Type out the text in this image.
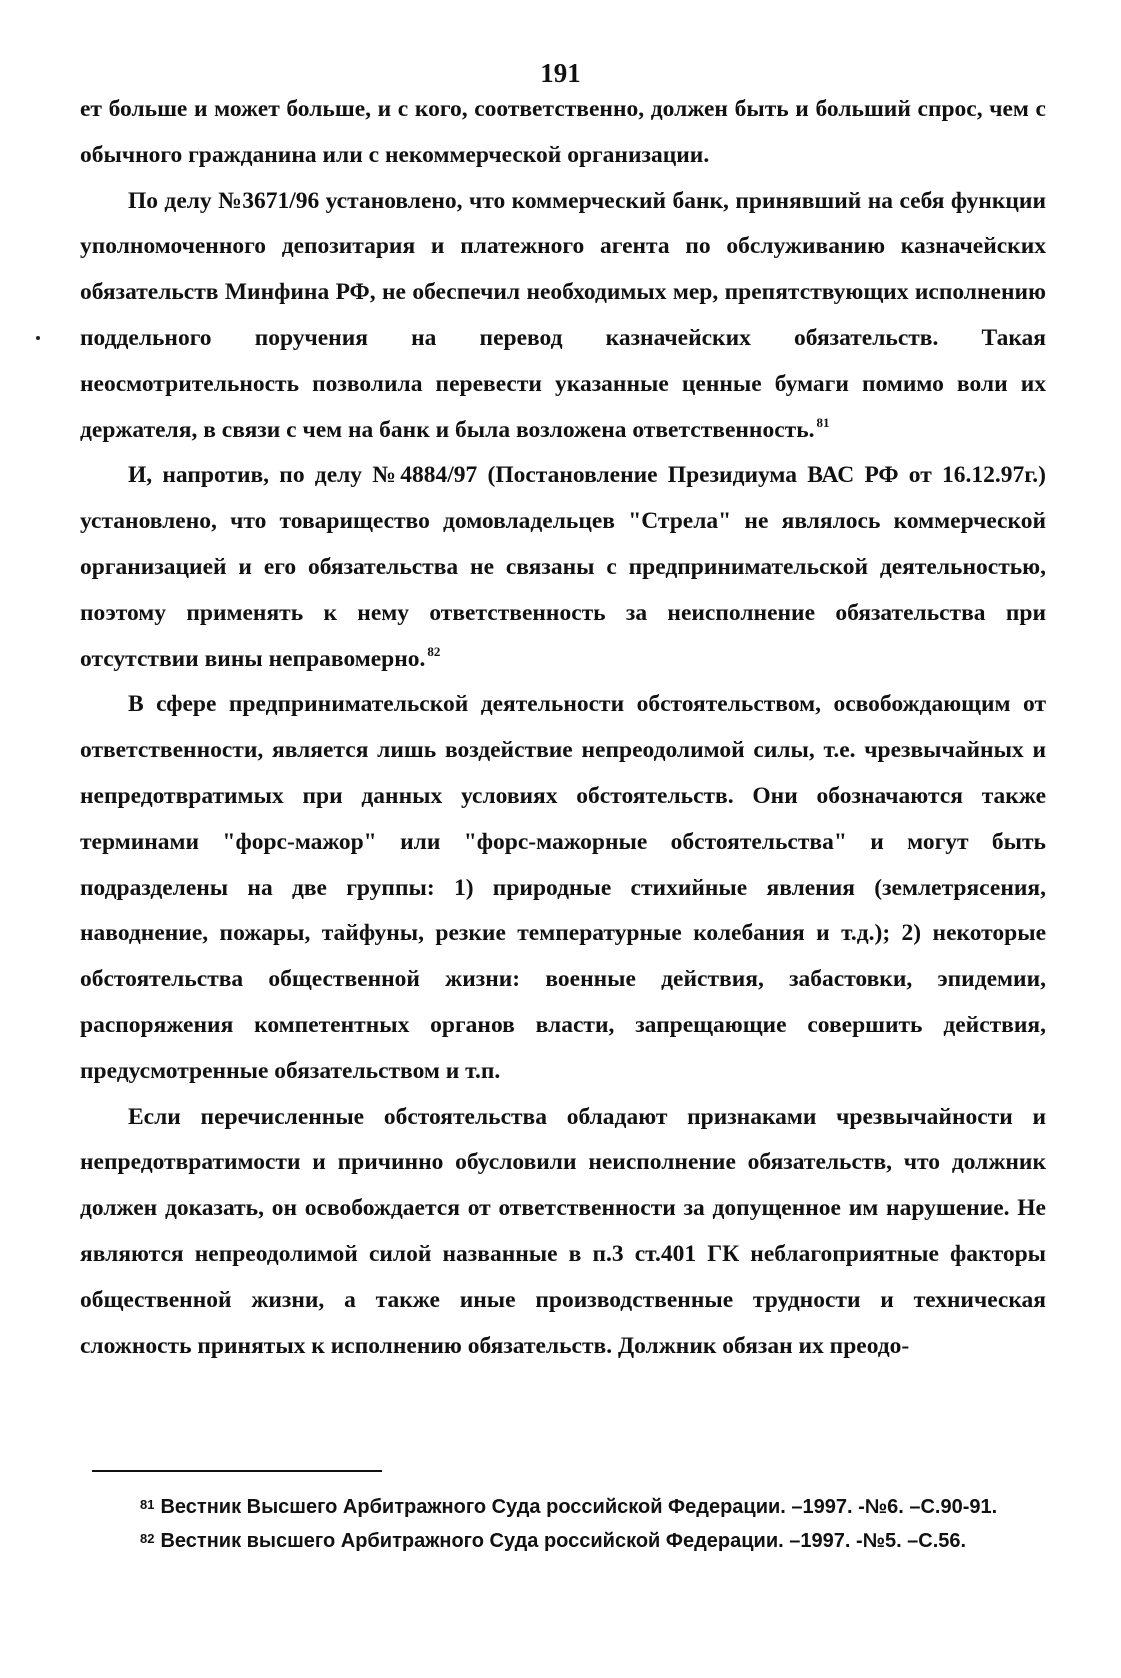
191

ет больше и может больше, и с кого, соответственно, должен быть и больший спрос, чем с обычного гражданина или с некоммерческой организации.

По делу №3671/96 установлено, что коммерческий банк, принявший на себя функции уполномоченного депозитария и платежного агента по обслуживанию казначейских обязательств Минфина РФ, не обеспечил необходимых мер, препятствующих исполнению поддельного поручения на перевод казначейских обязательств. Такая неосмотрительность позволила перевести указанные ценные бумаги помимо воли их держателя, в связи с чем на банк и была возложена ответственность. $^{81}$

И, напротив, по делу №4884/97 (Постановление Президиума ВАС РФ от 16.12.97г.) установлено, что товарищество домовладельцев "Стрела" не являлось коммерческой организацией и его обязательства не связаны с предпринимательской деятельностью, поэтому применять к нему ответственность за неисполнение обязательства при отсутствии вины неправомерно. $^{82}$

В сфере предпринимательской деятельности обстоятельством, освобождающим от ответственности, является лишь воздействие непреодолимой силы, т.е. чрезвычайных и непредотвратимых при данных условиях обстоятельств. Они обозначаются также терминами "форс-мажор" или "форс-мажорные обстоятельства" и могут быть подразделены на две группы: 1) природные стихийные явления (землетрясения, наводнение, пожары, тайфуны, резкие температурные колебания и т.д.); 2) некоторые обстоятельства общественной жизни: военные действия, забастовки, эпидемии, распоряжения компетентных органов власти, запрещающие совершить действия, предусмотренные обязательством и т.п.

Если перечисленные обстоятельства обладают признаками чрезвычайности и непредотвратимости и причинно обусловили неисполнение обязательств, что должник должен доказать, он освобождается от ответственности за допущенное им нарушение. Не являются непреодолимой силой названные в п.3 ст.401 ГК неблагоприятные факторы общественной жизни, а также иные производственные трудности и техническая сложность принятых к исполнению обязательств. Должник обязан их преодо-

$^{81}$ Вестник Высшего Арбитражного Суда российской Федерации. –1997. -№6. –С.90-91.

$^{82}$ Вестник высшего Арбитражного Суда российской Федерации. –1997. -№5. –С.56.
